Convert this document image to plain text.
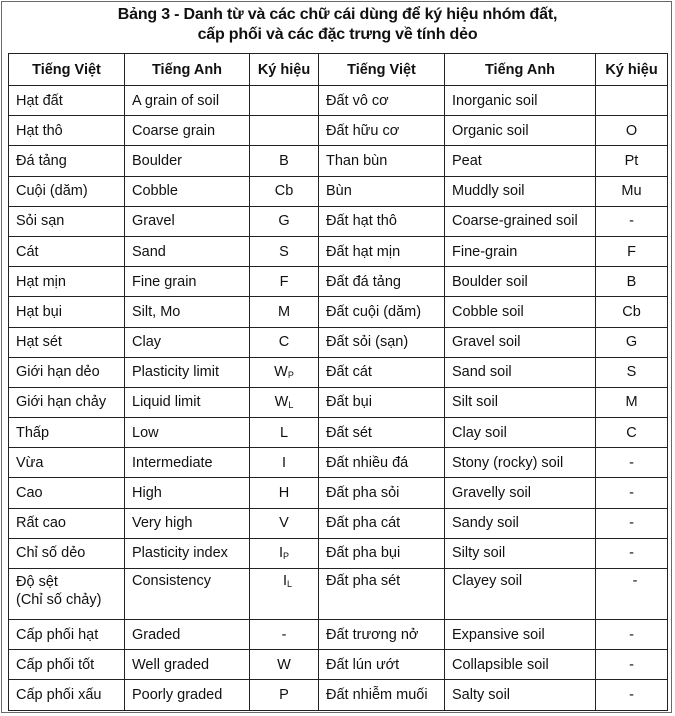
Bảng 3 - Danh từ và các chữ cái dùng để ký hiệu nhóm đất,
cấp phối và các đặc trưng về tính dẻo
Tiếng Việt	Tiếng Anh	Ký hiệu	Tiếng Việt	Tiếng Anh	Ký hiệu
Hạt đất	A grain of soil		Đất vô cơ	Inorganic soil	
Hạt thô	Coarse grain		Đất hữu cơ	Organic soil	O
Đá tảng	Boulder	B	Than bùn	Peat	Pt
Cuội (dăm)	Cobble	Cb	Bùn	Muddly soil	Mu
Sỏi sạn	Gravel	G	Đất hạt thô	Coarse-grained soil	-
Cát	Sand	S	Đất hạt mịn	Fine-grain	F
Hạt mịn	Fine grain	F	Đất đá tảng	Boulder soil	B
Hạt bụi	Silt, Mo	M	Đất cuội (dăm)	Cobble soil	Cb
Hạt sét	Clay	C	Đất sỏi (sạn)	Gravel soil	G
Giới hạn dẻo	Plasticity limit	$W_P$	Đất cát	Sand soil	S
Giới hạn chảy	Liquid limit	$W_L$	Đất bụi	Silt soil	M
Thấp	Low	L	Đất sét	Clay soil	C
Vừa	Intermediate	I	Đất nhiều đá	Stony (rocky) soil	-
Cao	High	H	Đất pha sỏi	Gravelly soil	-
Rất cao	Very high	V	Đất pha cát	Sandy soil	-
Chỉ số dẻo	Plasticity index	$I_P$	Đất pha bụi	Silty soil	-
Độ sệt
(Chỉ số chảy)	Consistency	$I_L$	Đất pha sét	Clayey soil	-
Cấp phối hạt	Graded	-	Đất trương nở	Expansive soil	-
Cấp phối tốt	Well graded	W	Đất lún ướt	Collapsible soil	-
Cấp phối xấu	Poorly graded	P	Đất nhiễm muối	Salty soil	-
